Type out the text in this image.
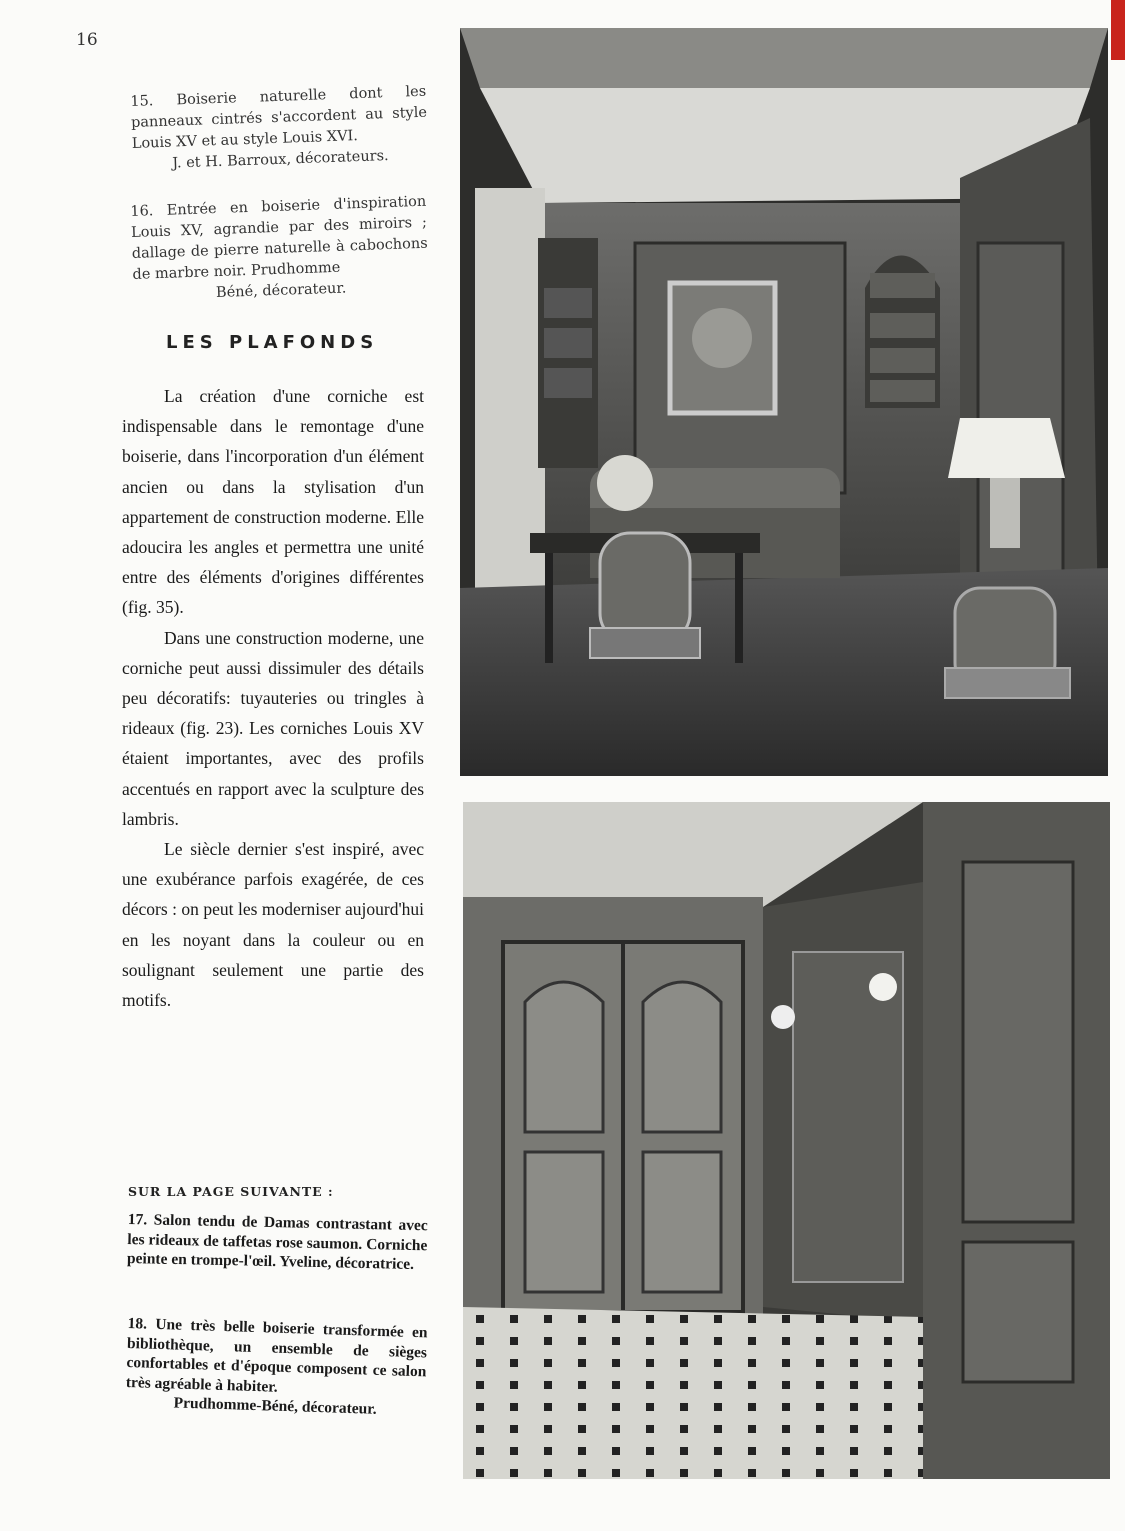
16
15. Boiserie naturelle dont les panneaux cintrés s'accordent au style Louis XV et au style Louis XVI.
J. et H. Barroux, décorateurs.
16. Entrée en boiserie d'inspiration Louis XV, agrandie par des miroirs ; dallage de pierre naturelle à cabochons de marbre noir. Prudhomme
Béné, décorateur.
LES PLAFONDS

La création d'une corniche est indispensable dans le remontage d'une boiserie, dans l'incorporation d'un élément ancien ou dans la stylisation d'un appartement de construction moderne. Elle adoucira les angles et permettra une unité entre des éléments d'origines différentes (fig. 35).

Dans une construction moderne, une corniche peut aussi dissimuler des détails peu décoratifs: tuyauteries ou tringles à rideaux (fig. 23). Les corniches Louis XV étaient importantes, avec des profils accentués en rapport avec la sculpture des lambris.

Le siècle dernier s'est inspiré, avec une exubérance parfois exagérée, de ces décors : on peut les moderniser aujourd'hui en les noyant dans la couleur ou en soulignant seulement une partie des motifs.

SUR LA PAGE SUIVANTE :
17. Salon tendu de Damas contrastant avec les rideaux de taffetas rose saumon. Corniche peinte en trompe-l'œil. Yveline, décoratrice.
18. Une très belle boiserie transformée en bibliothèque, un ensemble de sièges confortables et d'époque composent ce salon très agréable à habiter.
Prudhomme-Béné, décorateur.
